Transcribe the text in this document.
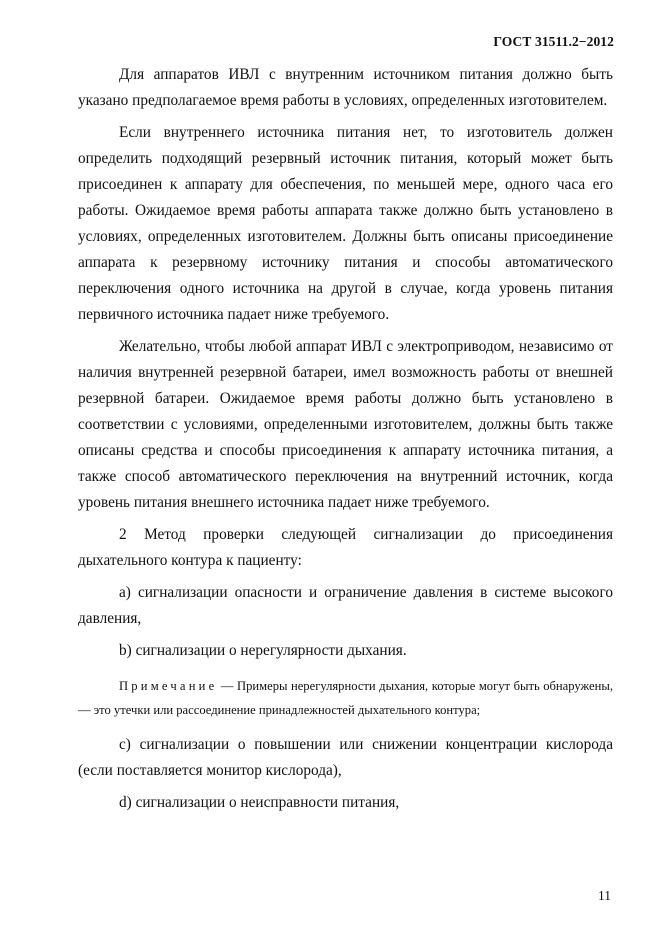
ГОСТ 31511.2−2012

Для аппаратов ИВЛ с внутренним источником питания должно быть указано предполагаемое время работы в условиях, определенных изготовителем.

Если внутреннего источника питания нет, то изготовитель должен определить подходящий резервный источник питания, который может быть присоединен к аппарату для обеспечения, по меньшей мере, одного часа его работы. Ожидаемое время работы аппарата также должно быть установлено в условиях, определенных изготовителем. Должны быть описаны присоединение аппарата к резервному источнику питания и способы автоматического переключения одного источника на другой в случае, когда уровень питания первичного источника падает ниже требуемого.

Желательно, чтобы любой аппарат ИВЛ с электроприводом, независимо от наличия внутренней резервной батареи, имел возможность работы от внешней резервной батареи. Ожидаемое время работы должно быть установлено в соответствии с условиями, определенными изготовителем, должны быть также описаны средства и способы присоединения к аппарату источника питания, а также способ автоматического переключения на внутренний источник, когда уровень питания внешнего источника падает ниже требуемого.

2 Метод проверки следующей сигнализации до присоединения дыхательного контура к пациенту:

a) сигнализации опасности и ограничение давления в системе высокого давления,

b) сигнализации о нерегулярности дыхания.

Примечание — Примеры нерегулярности дыхания, которые могут быть обнаружены, — это утечки или рассоединение принадлежностей дыхательного контура;

c) сигнализации о повышении или снижении концентрации кислорода (если поставляется монитор кислорода),

d) сигнализации о неисправности питания,

11
